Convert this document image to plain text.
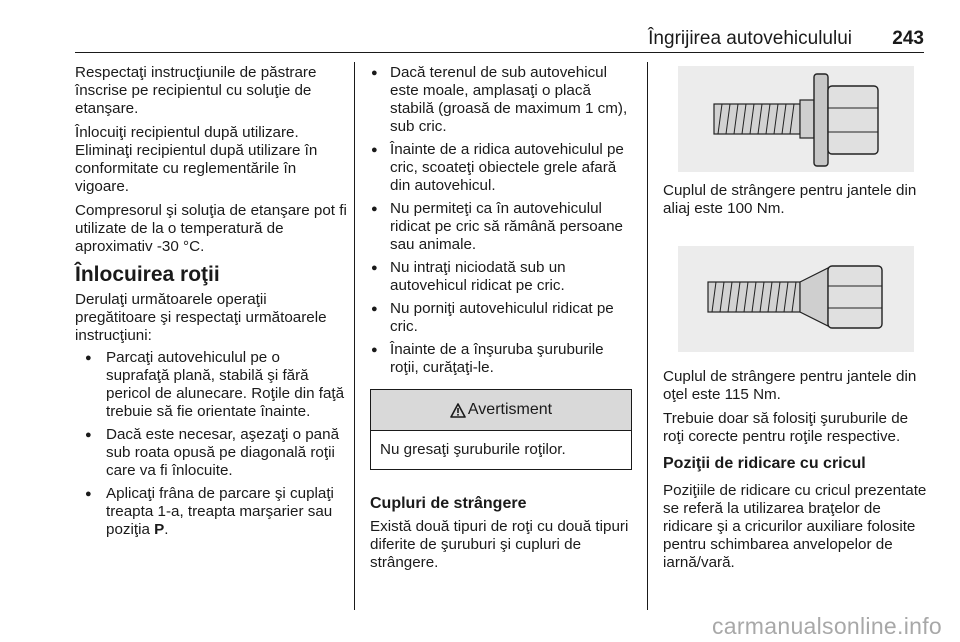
Îngrijirea autovehiculului 243

Respectaţi instrucţiunile de păstrare înscrise pe recipientul cu soluţie de etanşare.

Înlocuiţi recipientul după utilizare. Eliminaţi recipientul după utilizare în conformitate cu reglementările în vigoare.

Compresorul şi soluţia de etanşare pot fi utilizate de la o temperatură de aproximativ -30 °C.

Înlocuirea roţii

Derulaţi următoarele operaţii pregătitoare şi respectaţi următoarele instrucţiuni:

● Parcaţi autovehiculul pe o suprafaţă plană, stabilă şi fără pericol de alunecare. Roţile din faţă trebuie să fie orientate înainte.
● Dacă este necesar, aşezaţi o pană sub roata opusă pe diagonală roţii care va fi înlocuite.
● Aplicaţi frâna de parcare şi cuplaţi treapta 1-a, treapta marşarier sau poziţia P.
● Dacă terenul de sub autovehicul este moale, amplasaţi o placă stabilă (groasă de maximum 1 cm), sub cric.
● Înainte de a ridica autovehiculul pe cric, scoateţi obiectele grele afară din autovehicul.
● Nu permiteţi ca în autovehiculul ridicat pe cric să rămână persoane sau animale.
● Nu intraţi niciodată sub un autovehicul ridicat pe cric.
● Nu porniţi autovehiculul ridicat pe cric.
● Înainte de a înşuruba şuruburile roţii, curăţaţi-le.
Avertisment
Nu gresaţi şuruburile roţilor.
Cupluri de strângere

Există două tipuri de roţi cu două tipuri diferite de şuruburi şi cupluri de strângere.

Cuplul de strângere pentru jantele din aliaj este 100 Nm.

Cuplul de strângere pentru jantele din oţel este 115 Nm.

Trebuie doar să folosiţi şuruburile de roţi corecte pentru roţile respective.

Poziţii de ridicare cu cricul

Poziţiile de ridicare cu cricul prezentate se referă la utilizarea braţelor de ridicare şi a cricurilor auxiliare folosite pentru schimbarea anvelopelor de iarnă/vară.

carmanualsonline.info
